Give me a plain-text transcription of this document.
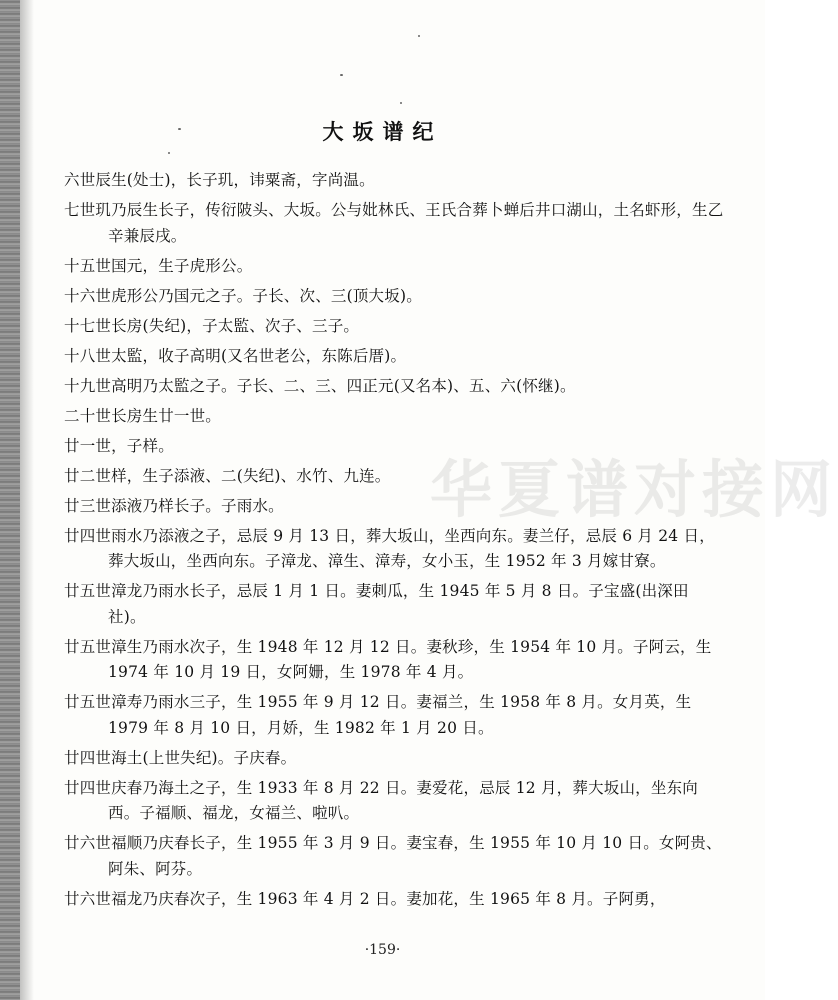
华夏谱对接网
大坂谱纪
六世辰生(处士)，长子玑，讳粟斋，字尚温。
七世玑乃辰生长子，传衍陂头、大坂。公与妣林氏、王氏合葬卜蝉后井口湖山，土名虾形，生乙辛兼辰戌。
十五世国元，生子虎形公。
十六世虎形公乃国元之子。子长、次、三(顶大坂)。
十七世长房(失纪)，子太監、次子、三子。
十八世太監，收子高明(又名世老公，东陈后厝)。
十九世高明乃太監之子。子长、二、三、四正元(又名本)、五、六(怀继)。
二十世长房生廿一世。
廿一世，子样。
廿二世样，生子添液、二(失纪)、水竹、九连。
廿三世添液乃样长子。子雨水。
廿四世雨水乃添液之子，忌辰 9 月 13 日，葬大坂山，坐西向东。妻兰仔，忌辰 6 月 24 日，葬大坂山，坐西向东。子漳龙、漳生、漳寿，女小玉，生 1952 年 3 月嫁甘寮。
廿五世漳龙乃雨水长子，忌辰 1 月 1 日。妻刺瓜，生 1945 年 5 月 8 日。子宝盛(出深田社)。
廿五世漳生乃雨水次子，生 1948 年 12 月 12 日。妻秋珍，生 1954 年 10 月。子阿云，生 1974 年 10 月 19 日，女阿姗，生 1978 年 4 月。
廿五世漳寿乃雨水三子，生 1955 年 9 月 12 日。妻福兰，生 1958 年 8 月。女月英，生 1979 年 8 月 10 日，月娇，生 1982 年 1 月 20 日。
廿四世海土(上世失纪)。子庆春。
廿四世庆春乃海土之子，生 1933 年 8 月 22 日。妻爱花，忌辰 12 月，葬大坂山，坐东向西。子福顺、福龙，女福兰、啦叭。
廿六世福顺乃庆春长子，生 1955 年 3 月 9 日。妻宝春，生 1955 年 10 月 10 日。女阿贵、阿朱、阿芬。
廿六世福龙乃庆春次子，生 1963 年 4 月 2 日。妻加花，生 1965 年 8 月。子阿勇，
·159·
